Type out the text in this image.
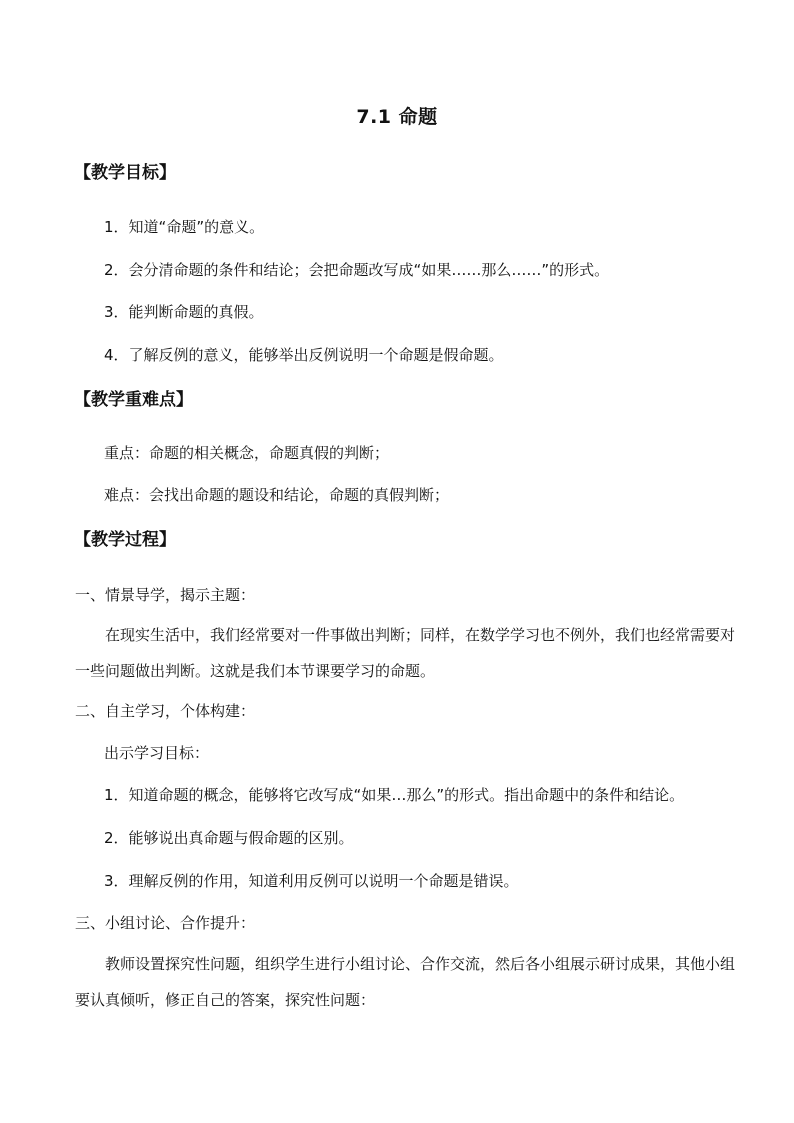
7.1 命题
【教学目标】
1．知道“命题”的意义。
2．会分清命题的条件和结论；会把命题改写成“如果……那么……”的形式。
3．能判断命题的真假。
4．了解反例的意义，能够举出反例说明一个命题是假命题。
【教学重难点】
重点：命题的相关概念，命题真假的判断；
难点：会找出命题的题设和结论，命题的真假判断；
【教学过程】
一、情景导学，揭示主题：
在现实生活中，我们经常要对一件事做出判断；同样，在数学学习也不例外，我们也经常需要对一些问题做出判断。这就是我们本节课要学习的命题。
二、自主学习，个体构建：
出示学习目标：
1．知道命题的概念，能够将它改写成“如果…那么”的形式。指出命题中的条件和结论。
2．能够说出真命题与假命题的区别。
3．理解反例的作用，知道利用反例可以说明一个命题是错误。
三、小组讨论、合作提升：
教师设置探究性问题，组织学生进行小组讨论、合作交流，然后各小组展示研讨成果，其他小组要认真倾听，修正自己的答案，探究性问题：
